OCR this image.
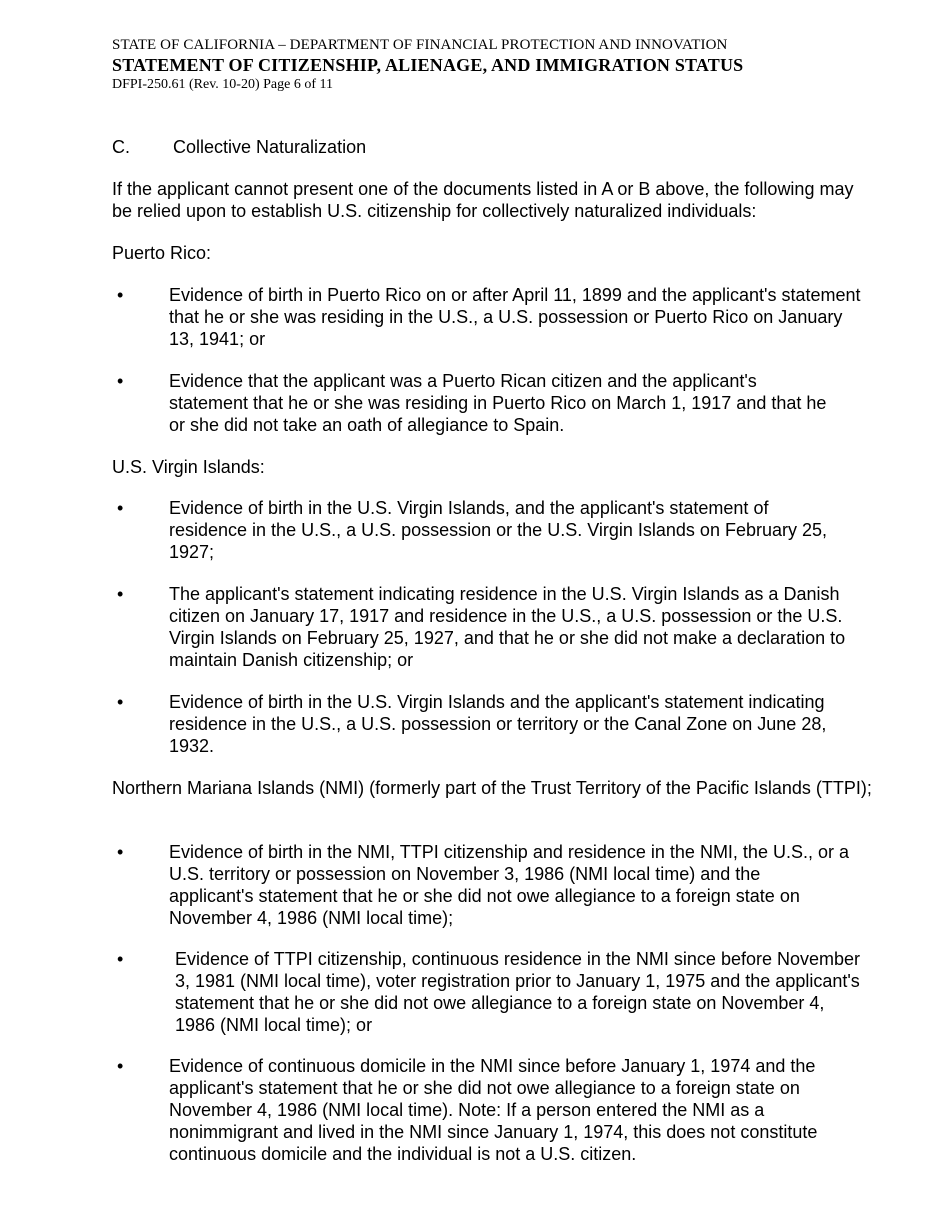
STATE OF CALIFORNIA – DEPARTMENT OF FINANCIAL PROTECTION AND INNOVATION
STATEMENT OF CITIZENSHIP, ALIENAGE, AND IMMIGRATION STATUS
DFPI-250.61 (Rev. 10-20) Page 6 of 11
C.	Collective Naturalization

If the applicant cannot present one of the documents listed in A or B above, the following may be relied upon to establish U.S. citizenship for collectively naturalized individuals:

Puerto Rico:

•	Evidence of birth in Puerto Rico on or after April 11, 1899 and the applicant's statement that he or she was residing in the U.S., a U.S. possession or Puerto Rico on January 13, 1941; or
•	Evidence that the applicant was a Puerto Rican citizen and the applicant's statement that he or she was residing in Puerto Rico on March 1, 1917 and that he or she did not take an oath of allegiance to Spain.

U.S. Virgin Islands:

•	Evidence of birth in the U.S. Virgin Islands, and the applicant's statement of residence in the U.S., a U.S. possession or the U.S. Virgin Islands on February 25, 1927;
•	The applicant's statement indicating residence in the U.S. Virgin Islands as a Danish citizen on January 17, 1917 and residence in the U.S., a U.S. possession or the U.S. Virgin Islands on February 25, 1927, and that he or she did not make a declaration to maintain Danish citizenship; or
•	Evidence of birth in the U.S. Virgin Islands and the applicant's statement indicating residence in the U.S., a U.S. possession or territory or the Canal Zone on June 28, 1932.

Northern Mariana Islands (NMI) (formerly part of the Trust Territory of the Pacific Islands (TTPI);

•	Evidence of birth in the NMI, TTPI citizenship and residence in the NMI, the U.S., or a U.S. territory or possession on November 3, 1986 (NMI local time) and the applicant's statement that he or she did not owe allegiance to a foreign state on November 4, 1986 (NMI local time);
•	Evidence of TTPI citizenship, continuous residence in the NMI since before November 3, 1981 (NMI local time), voter registration prior to January 1, 1975 and the applicant's statement that he or she did not owe allegiance to a foreign state on November 4, 1986 (NMI local time); or
•	Evidence of continuous domicile in the NMI since before January 1, 1974 and the applicant's statement that he or she did not owe allegiance to a foreign state on November 4, 1986 (NMI local time). Note: If a person entered the NMI as a nonimmigrant and lived in the NMI since January 1, 1974, this does not constitute continuous domicile and the individual is not a U.S. citizen.
